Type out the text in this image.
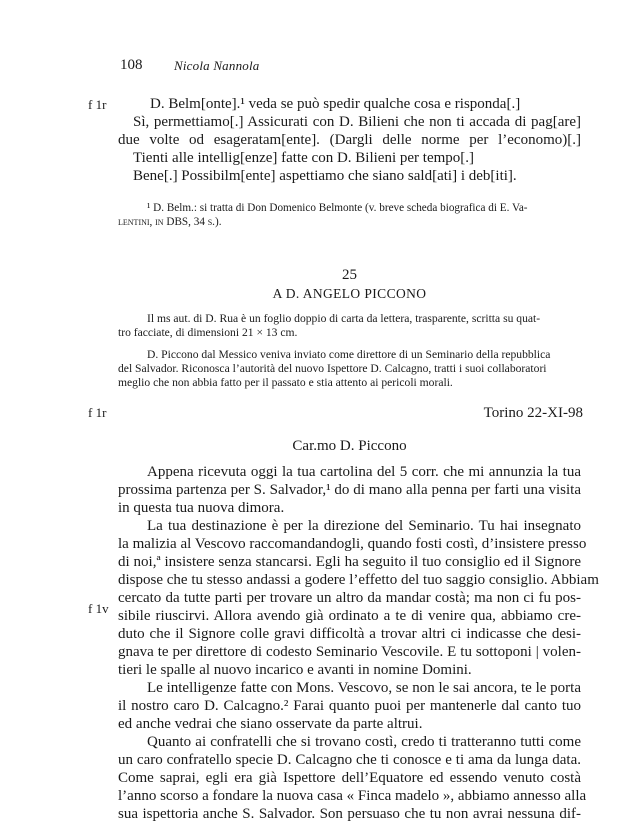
108 Nicola Nannola
f 1r
f 1r
f 1v
D. Belm[onte].¹ veda se può spedir qualche cosa e risponda[.]
Sì, permettiamo[.] Assicurati con D. Bilieni che non ti accada di pag[are]
due volte od esageratam[ente]. (Dargli delle norme per l’economo)[.]
Tienti alle intellig[enze] fatte con D. Bilieni per tempo[.]
Bene[.] Possibilm[ente] aspettiamo che siano sald[ati] i deb[iti].
¹ D. Belm.: si tratta di Don Domenico Belmonte (v. breve scheda biografica di E. Va-
lentini, in DBS, 34 s.).
25
A D. ANGELO PICCONO
Il ms aut. di D. Rua è un foglio doppio di carta da lettera, trasparente, scritta su quat-
tro facciate, di dimensioni 21 × 13 cm.
D. Piccono dal Messico veniva inviato come direttore di un Seminario della repubblica
del Salvador. Riconosca l’autorità del nuovo Ispettore D. Calcagno, tratti i suoi collaboratori
meglio che non abbia fatto per il passato e stia attento ai pericoli morali.
Torino 22-XI-98
Car.mo D. Piccono
Appena ricevuta oggi la tua cartolina del 5 corr. che mi annunzia la tua
prossima partenza per S. Salvador,¹ do di mano alla penna per farti una visita
in questa tua nuova dimora.
La tua destinazione è per la direzione del Seminario. Tu hai insegnato
la malizia al Vescovo raccomandandogli, quando fosti costì, d’insistere presso
di noi,ª insistere senza stancarsi. Egli ha seguito il tuo consiglio ed il Signore
dispose che tu stesso andassi a godere l’effetto del tuo saggio consiglio. Abbiam
cercato da tutte parti per trovare un altro da mandar costà; ma non ci fu pos-
sibile riuscirvi. Allora avendo già ordinato a te di venire qua, abbiamo cre-
duto che il Signore colle gravi difficoltà a trovar altri ci indicasse che desi-
gnava te per direttore di codesto Seminario Vescovile. E tu sottoponi | volen-
tieri le spalle al nuovo incarico e avanti in nomine Domini.
Le intelligenze fatte con Mons. Vescovo, se non le sai ancora, te le porta
il nostro caro D. Calcagno.² Farai quanto puoi per mantenerle dal canto tuo
ed anche vedrai che siano osservate da parte altrui.
Quanto ai confratelli che si trovano costì, credo ti tratteranno tutti come
un caro confratello specie D. Calcagno che ti conosce e ti ama da lunga data.
Come saprai, egli era già Ispettore dell’Equatore ed essendo venuto costà
l’anno scorso a fondare la nuova casa « Finca madelo », abbiamo annesso alla
sua ispettoria anche S. Salvador. Son persuaso che tu non avrai nessuna dif-
